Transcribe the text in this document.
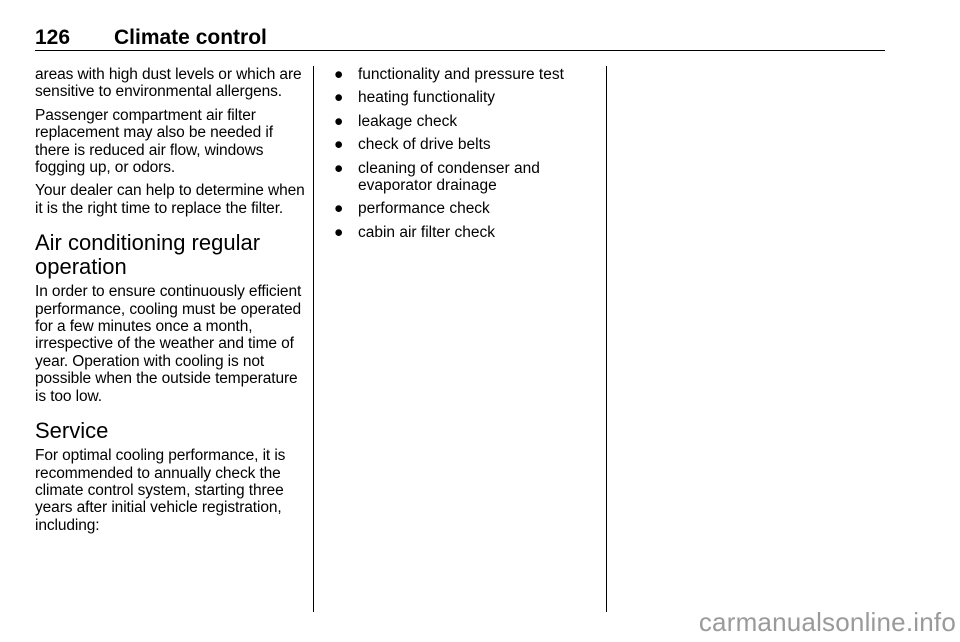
126 Climate control

areas with high dust levels or which are sensitive to environmental allergens.

Passenger compartment air filter replacement may also be needed if there is reduced air flow, windows fogging up, or odors.

Your dealer can help to determine when it is the right time to replace the filter.

Air conditioning regular operation

In order to ensure continuously efficient performance, cooling must be operated for a few minutes once a month, irrespective of the weather and time of year. Operation with cooling is not possible when the outside temperature is too low.

Service

For optimal cooling performance, it is recommended to annually check the climate control system, starting three years after initial vehicle registration, including:

● functionality and pressure test
● heating functionality
● leakage check
● check of drive belts
● cleaning of condenser and evaporator drainage
● performance check
● cabin air filter check
carmanualsonline.info
